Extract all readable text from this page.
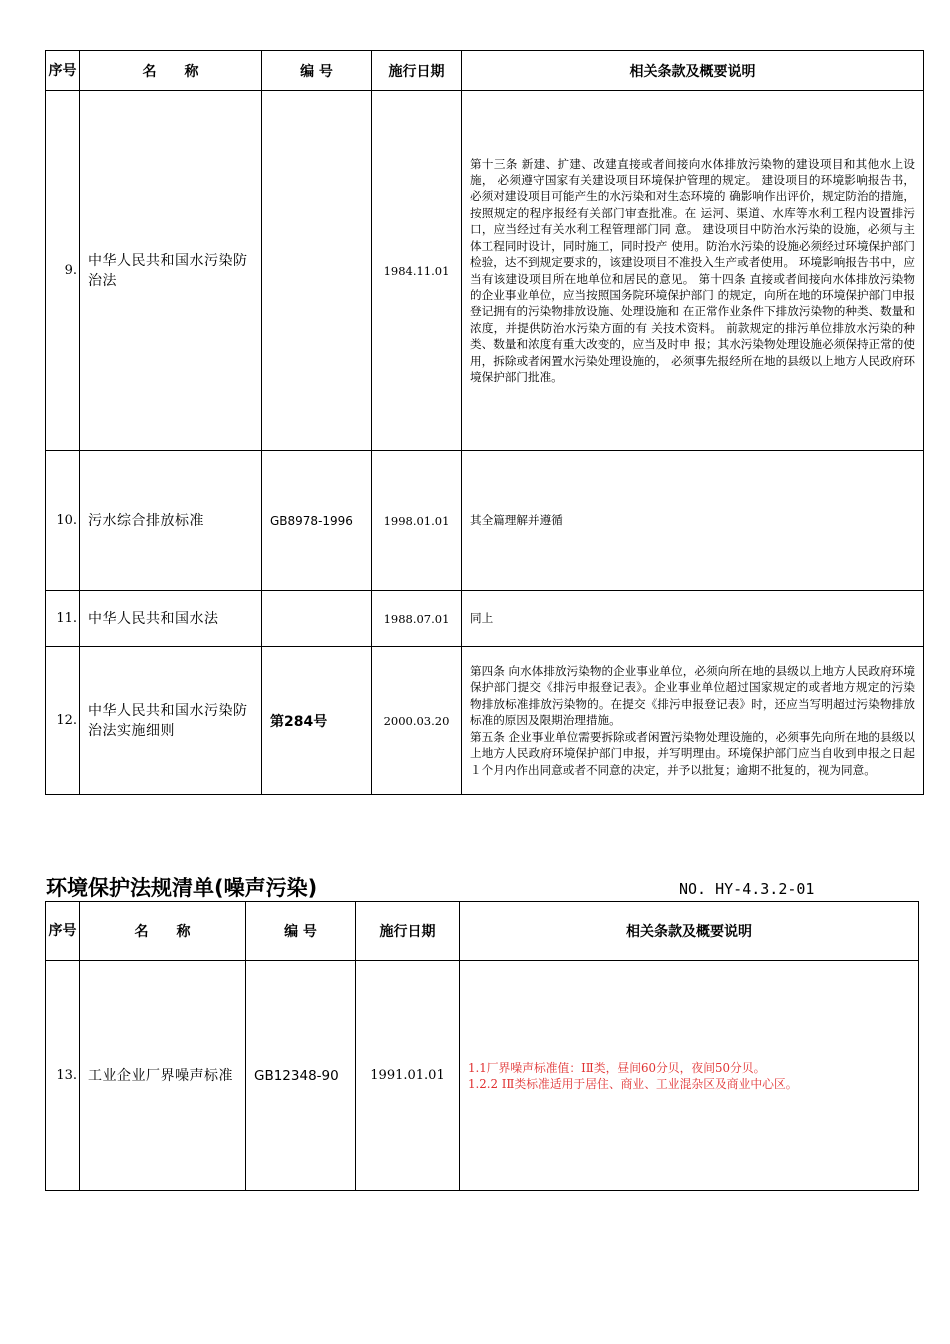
序号	名　　称	编 号	施行日期	相关条款及概要说明
9.	中华人民共和国水污染防治法		1984.11.01	第十三条 新建、扩建、改建直接或者间接向水体排放污染物的建设项目和其他水上设施， 必须遵守国家有关建设项目环境保护管理的规定。 建设项目的环境影响报告书，必须对建设项目可能产生的水污染和对生态环境的 确影响作出评价，规定防治的措施，按照规定的程序报经有关部门审查批准。在 运河、渠道、水库等水利工程内设置排污口，应当经过有关水利工程管理部门同 意。 建设项目中防治水污染的设施，必须与主体工程同时设计，同时施工，同时投产 使用。防治水污染的设施必须经过环境保护部门检验，达不到规定要求的，该建设项目不准投入生产或者使用。 环境影响报告书中，应当有该建设项目所在地单位和居民的意见。 第十四条 直接或者间接向水体排放污染物的企业事业单位，应当按照国务院环境保护部门 的规定，向所在地的环境保护部门申报登记拥有的污染物排放设施、处理设施和 在正常作业条件下排放污染物的种类、数量和浓度，并提供防治水污染方面的有 关技术资料。 前款规定的排污单位排放水污染的种类、数量和浓度有重大改变的，应当及时申 报；其水污染物处理设施必须保持正常的使用，拆除或者闲置水污染处理设施的， 必须事先报经所在地的县级以上地方人民政府环境保护部门批准。
10.	污水综合排放标准	GB8978-1996	1998.01.01	其全篇理解并遵循
11.	中华人民共和国水法		1988.07.01	同上
12.	中华人民共和国水污染防治法实施细则	第284号	2000.03.20	第四条 向水体排放污染物的企业事业单位，必须向所在地的县级以上地方人民政府环境保护部门提交《排污申报登记表》。企业事业单位超过国家规定的或者地方规定的污染物排放标准排放污染物的。在提交《排污申报登记表》时，还应当写明超过污染物排放标准的原因及限期治理措施。

第五条 企业事业单位需要拆除或者闲置污染物处理设施的，必须事先向所在地的县级以上地方人民政府环境保护部门申报，并写明理由。环境保护部门应当自收到申报之日起１个月内作出同意或者不同意的决定，并予以批复；逾期不批复的，视为同意。

环境保护法规清单(噪声污染)	NO. HY-4.3.2-01
序号	名　　称	编 号	施行日期	相关条款及概要说明
13.	工业企业厂界噪声标准	GB12348-90	1991.01.01	1.1厂界噪声标准值：IⅡ类，昼间60分贝，夜间50分贝。

1.2.2 IⅡ类标准适用于居住、商业、工业混杂区及商业中心区。
